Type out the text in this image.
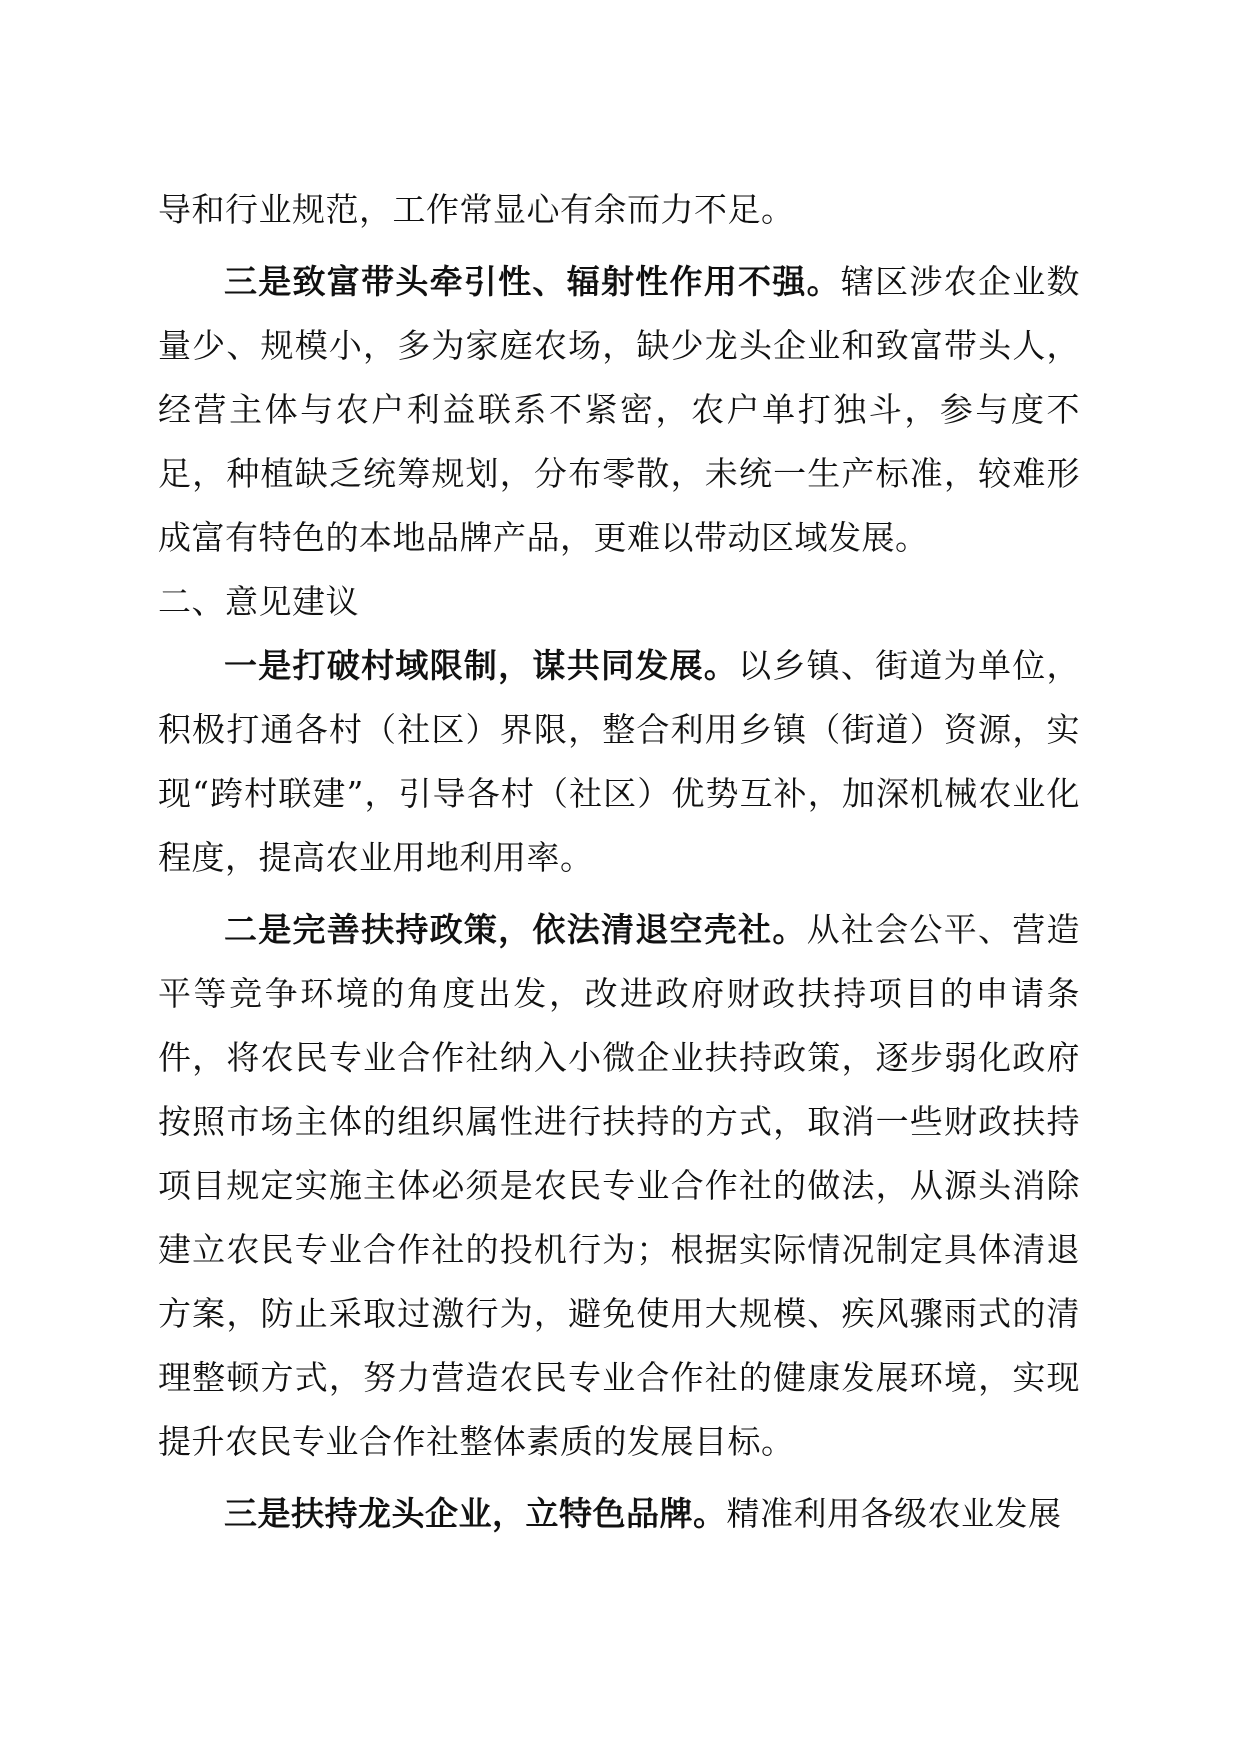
导和行业规范，工作常显心有余而力不足。

三是致富带头牵引性、辐射性作用不强。辖区涉农企业数量少、规模小，多为家庭农场，缺少龙头企业和致富带头人，经营主体与农户利益联系不紧密，农户单打独斗，参与度不足，种植缺乏统筹规划，分布零散，未统一生产标准，较难形成富有特色的本地品牌产品，更难以带动区域发展。

二、意见建议

一是打破村域限制，谋共同发展。以乡镇、街道为单位，积极打通各村（社区）界限，整合利用乡镇（街道）资源，实现“跨村联建”，引导各村（社区）优势互补，加深机械农业化程度，提高农业用地利用率。

二是完善扶持政策，依法清退空壳社。从社会公平、营造平等竞争环境的角度出发，改进政府财政扶持项目的申请条件，将农民专业合作社纳入小微企业扶持政策，逐步弱化政府按照市场主体的组织属性进行扶持的方式，取消一些财政扶持项目规定实施主体必须是农民专业合作社的做法，从源头消除建立农民专业合作社的投机行为；根据实际情况制定具体清退方案，防止采取过激行为，避免使用大规模、疾风骤雨式的清理整顿方式，努力营造农民专业合作社的健康发展环境，实现提升农民专业合作社整体素质的发展目标。

三是扶持龙头企业，立特色品牌。精准利用各级农业发展
